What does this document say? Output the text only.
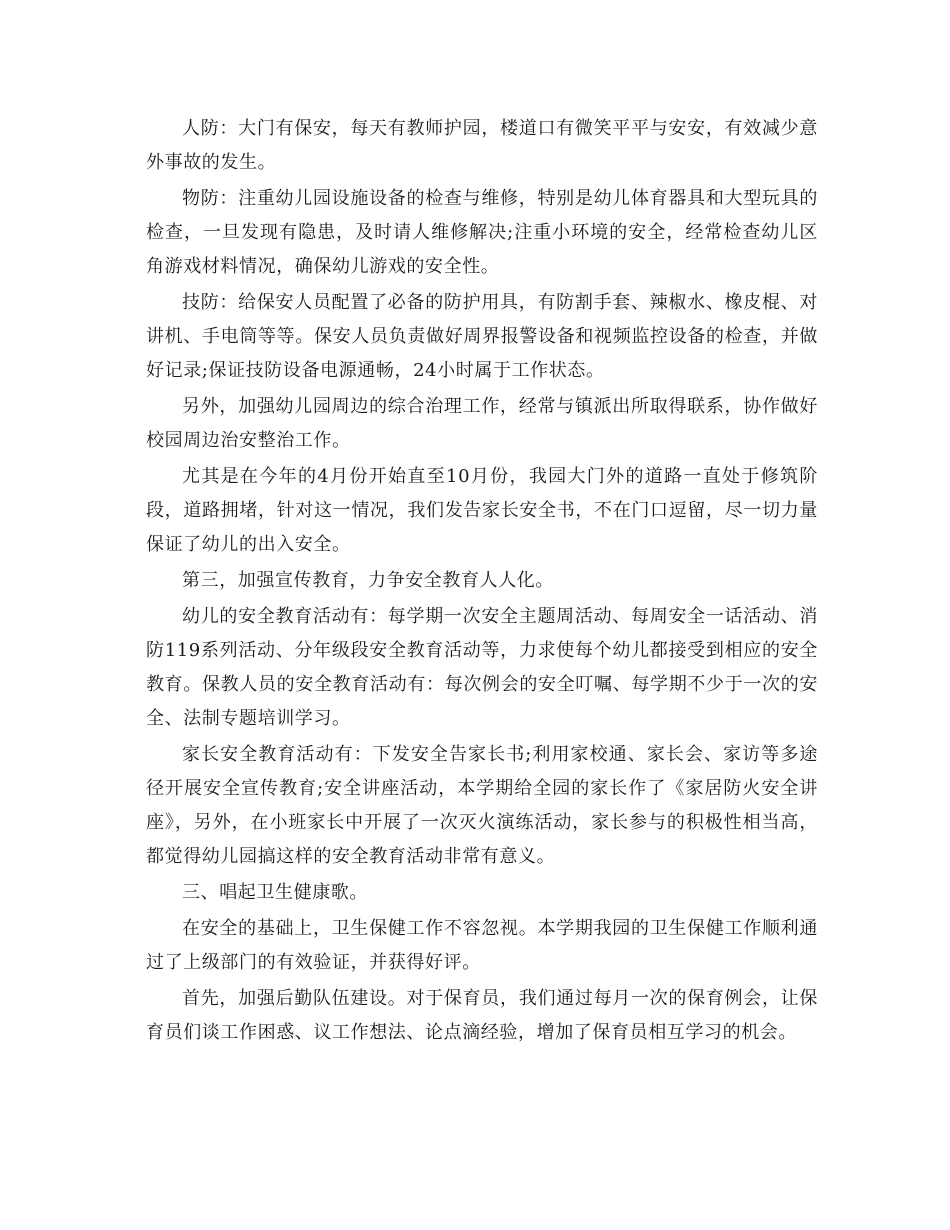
人防：大门有保安，每天有教师护园，楼道口有微笑平平与安安，有效减少意外事故的发生。

物防：注重幼儿园设施设备的检查与维修，特别是幼儿体育器具和大型玩具的检查，一旦发现有隐患，及时请人维修解决;注重小环境的安全，经常检查幼儿区角游戏材料情况，确保幼儿游戏的安全性。

技防：给保安人员配置了必备的防护用具，有防割手套、辣椒水、橡皮棍、对讲机、手电筒等等。保安人员负责做好周界报警设备和视频监控设备的检查，并做好记录;保证技防设备电源通畅，24小时属于工作状态。

另外，加强幼儿园周边的综合治理工作，经常与镇派出所取得联系，协作做好校园周边治安整治工作。

尤其是在今年的4月份开始直至10月份，我园大门外的道路一直处于修筑阶段，道路拥堵，针对这一情况，我们发告家长安全书，不在门口逗留，尽一切力量保证了幼儿的出入安全。

第三，加强宣传教育，力争安全教育人人化。

幼儿的安全教育活动有：每学期一次安全主题周活动、每周安全一话活动、消防119系列活动、分年级段安全教育活动等，力求使每个幼儿都接受到相应的安全教育。保教人员的安全教育活动有：每次例会的安全叮嘱、每学期不少于一次的安全、法制专题培训学习。

家长安全教育活动有：下发安全告家长书;利用家校通、家长会、家访等多途径开展安全宣传教育;安全讲座活动，本学期给全园的家长作了《家居防火安全讲座》，另外，在小班家长中开展了一次灭火演练活动，家长参与的积极性相当高，都觉得幼儿园搞这样的安全教育活动非常有意义。

三、唱起卫生健康歌。

在安全的基础上，卫生保健工作不容忽视。本学期我园的卫生保健工作顺利通过了上级部门的有效验证，并获得好评。

首先，加强后勤队伍建设。对于保育员，我们通过每月一次的保育例会，让保育员们谈工作困惑、议工作想法、论点滴经验，增加了保育员相互学习的机会。
